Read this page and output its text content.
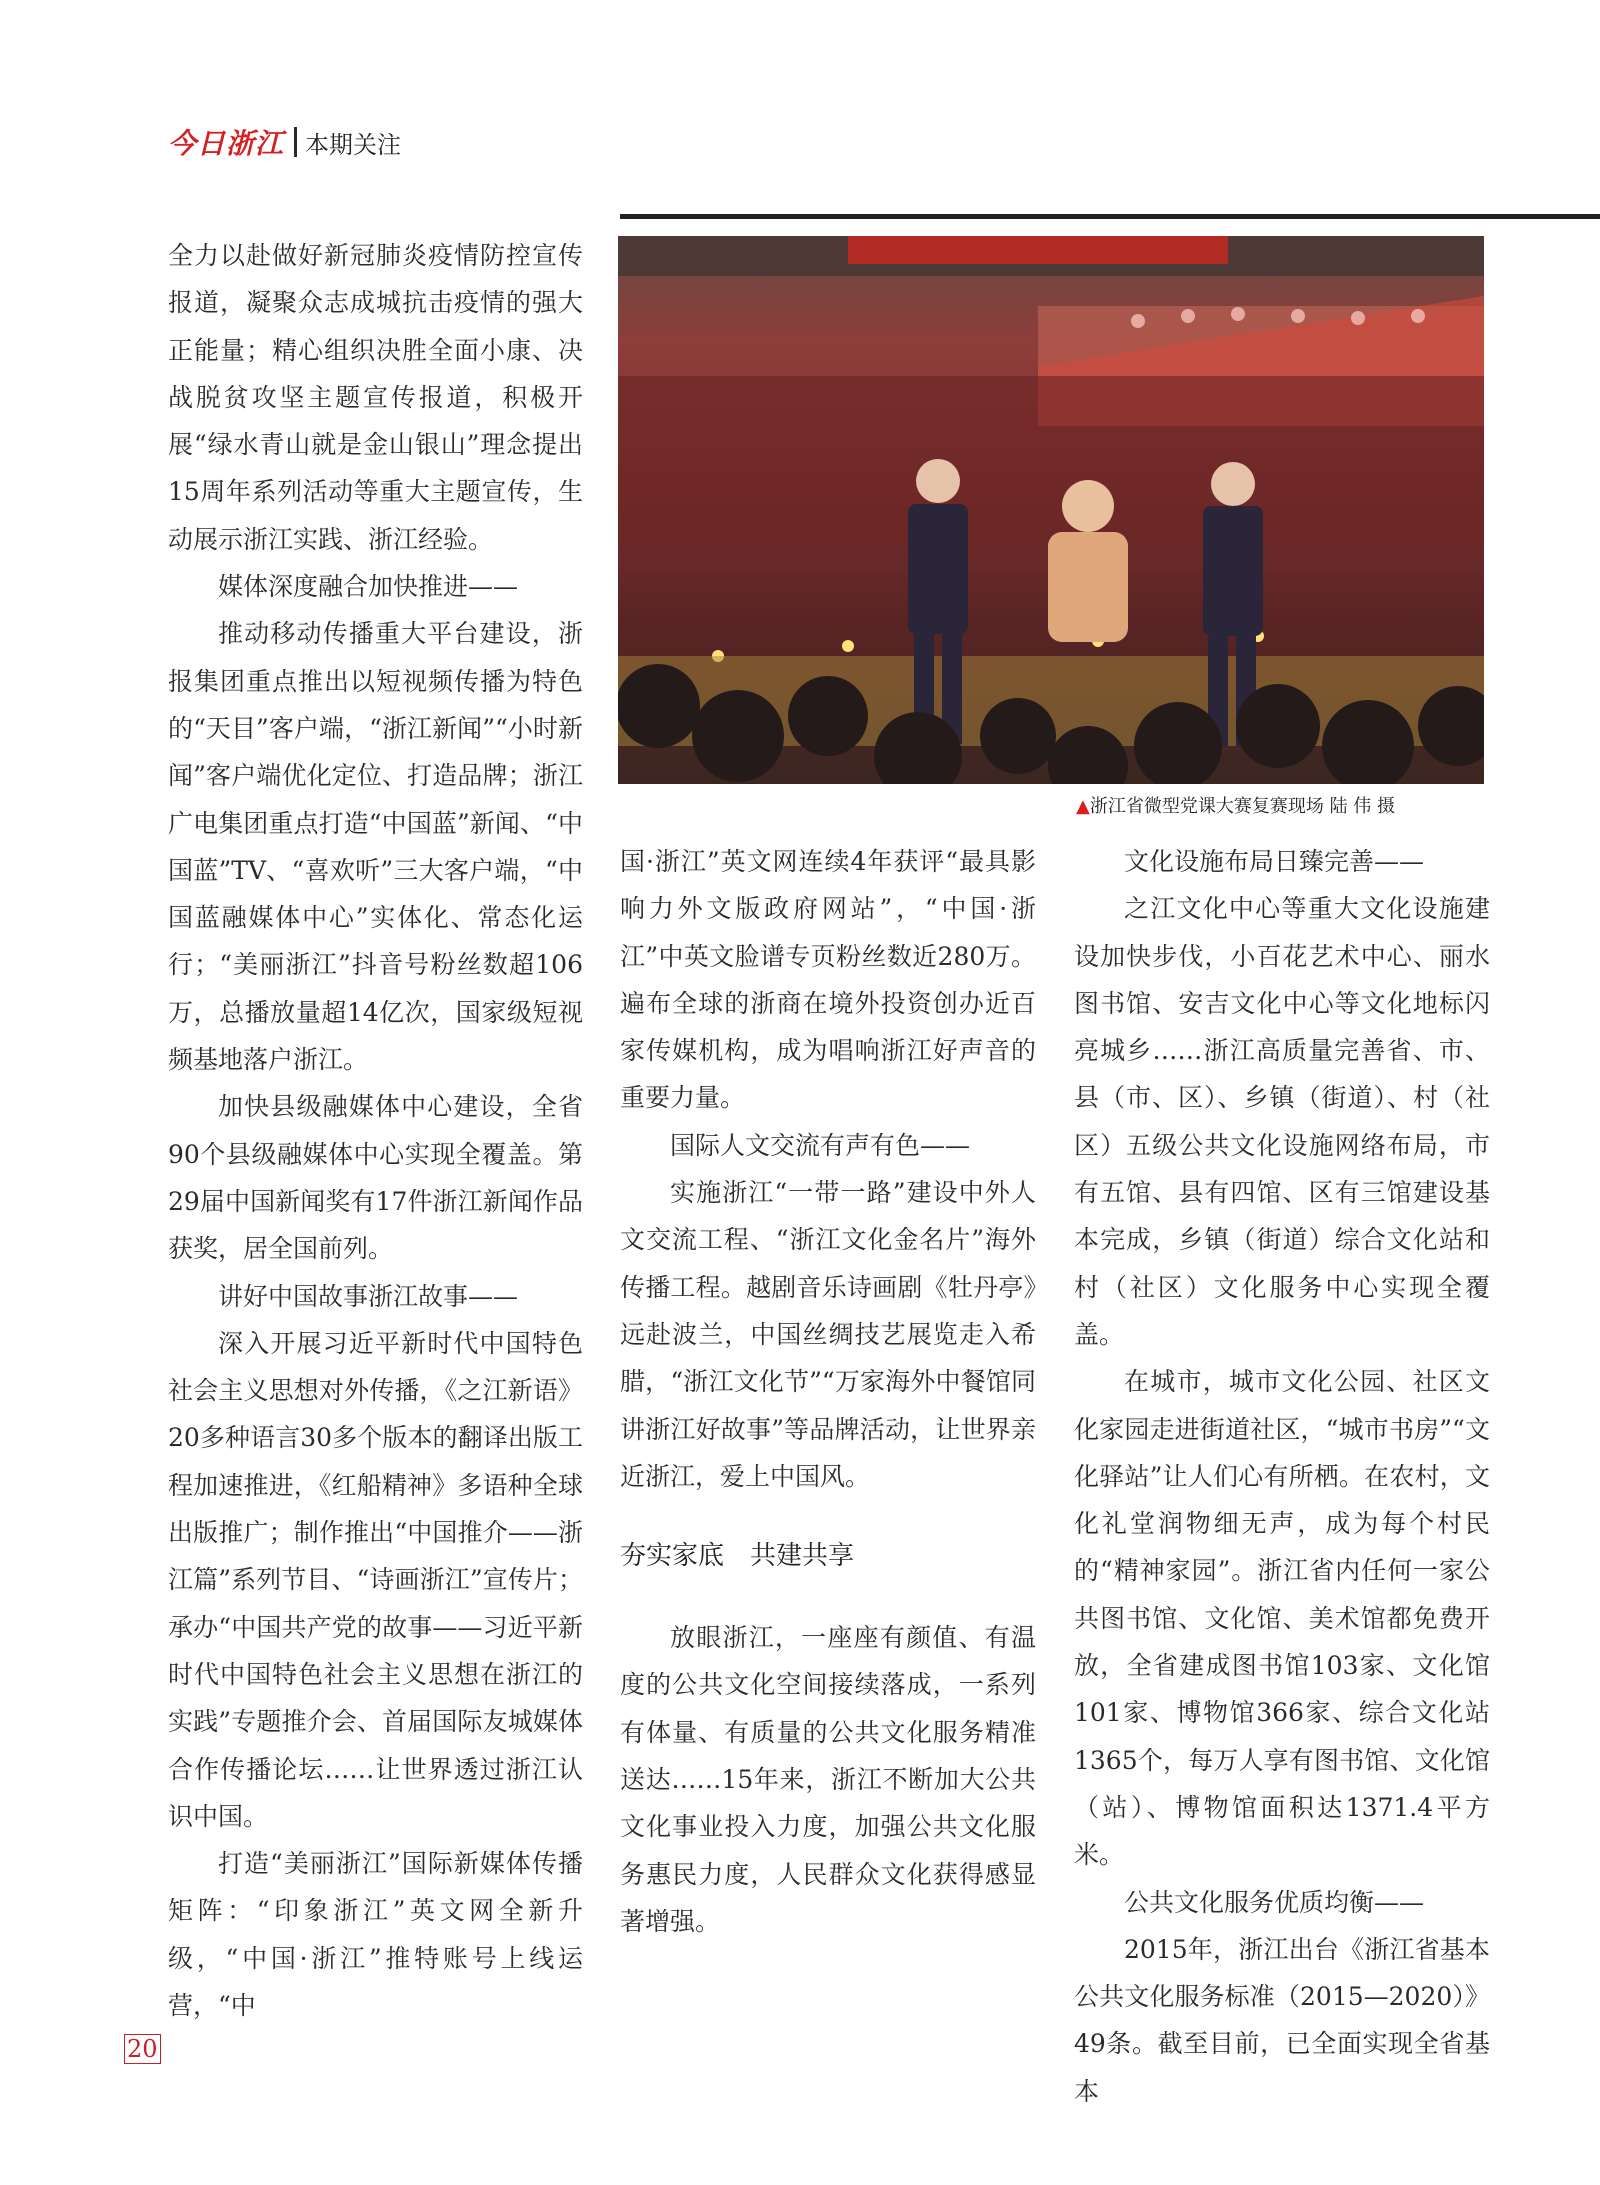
今日浙江 本期关注
▲浙江省微型党课大赛复赛现场 陆 伟 摄

全力以赴做好新冠肺炎疫情防控宣传报道，凝聚众志成城抗击疫情的强大正能量；精心组织决胜全面小康、决战脱贫攻坚主题宣传报道，积极开展“绿水青山就是金山银山”理念提出15周年系列活动等重大主题宣传，生动展示浙江实践、浙江经验。

媒体深度融合加快推进——

推动移动传播重大平台建设，浙报集团重点推出以短视频传播为特色的“天目”客户端，“浙江新闻”“小时新闻”客户端优化定位、打造品牌；浙江广电集团重点打造“中国蓝”新闻、“中国蓝”TV、“喜欢听”三大客户端，“中国蓝融媒体中心”实体化、常态化运行；“美丽浙江”抖音号粉丝数超106万，总播放量超14亿次，国家级短视频基地落户浙江。

加快县级融媒体中心建设，全省90个县级融媒体中心实现全覆盖。第29届中国新闻奖有17件浙江新闻作品获奖，居全国前列。

讲好中国故事浙江故事——

深入开展习近平新时代中国特色社会主义思想对外传播，《之江新语》20多种语言30多个版本的翻译出版工程加速推进，《红船精神》多语种全球出版推广；制作推出“中国推介——浙江篇”系列节目、“诗画浙江”宣传片；承办“中国共产党的故事——习近平新时代中国特色社会主义思想在浙江的实践”专题推介会、首届国际友城媒体合作传播论坛……让世界透过浙江认识中国。

打造“美丽浙江”国际新媒体传播矩阵：“印象浙江”英文网全新升级，“中国·浙江”推特账号上线运营，“中

国·浙江”英文网连续4年获评“最具影响力外文版政府网站”，“中国·浙江”中英文脸谱专页粉丝数近280万。遍布全球的浙商在境外投资创办近百家传媒机构，成为唱响浙江好声音的重要力量。

国际人文交流有声有色——

实施浙江“一带一路”建设中外人文交流工程、“浙江文化金名片”海外传播工程。越剧音乐诗画剧《牡丹亭》远赴波兰，中国丝绸技艺展览走入希腊，“浙江文化节”“万家海外中餐馆同讲浙江好故事”等品牌活动，让世界亲近浙江，爱上中国风。

夯实家底　共建共享

放眼浙江，一座座有颜值、有温度的公共文化空间接续落成，一系列有体量、有质量的公共文化服务精准送达……15年来，浙江不断加大公共文化事业投入力度，加强公共文化服务惠民力度，人民群众文化获得感显著增强。

文化设施布局日臻完善——

之江文化中心等重大文化设施建设加快步伐，小百花艺术中心、丽水图书馆、安吉文化中心等文化地标闪亮城乡……浙江高质量完善省、市、县（市、区）、乡镇（街道）、村（社区）五级公共文化设施网络布局，市有五馆、县有四馆、区有三馆建设基本完成，乡镇（街道）综合文化站和村（社区）文化服务中心实现全覆盖。

在城市，城市文化公园、社区文化家园走进街道社区，“城市书房”“文化驿站”让人们心有所栖。在农村，文化礼堂润物细无声，成为每个村民的“精神家园”。浙江省内任何一家公共图书馆、文化馆、美术馆都免费开放，全省建成图书馆103家、文化馆101家、博物馆366家、综合文化站1365个，每万人享有图书馆、文化馆（站）、博物馆面积达1371.4平方米。

公共文化服务优质均衡——

2015年，浙江出台《浙江省基本公共文化服务标准（2015—2020）》49条。截至目前，已全面实现全省基本

20
